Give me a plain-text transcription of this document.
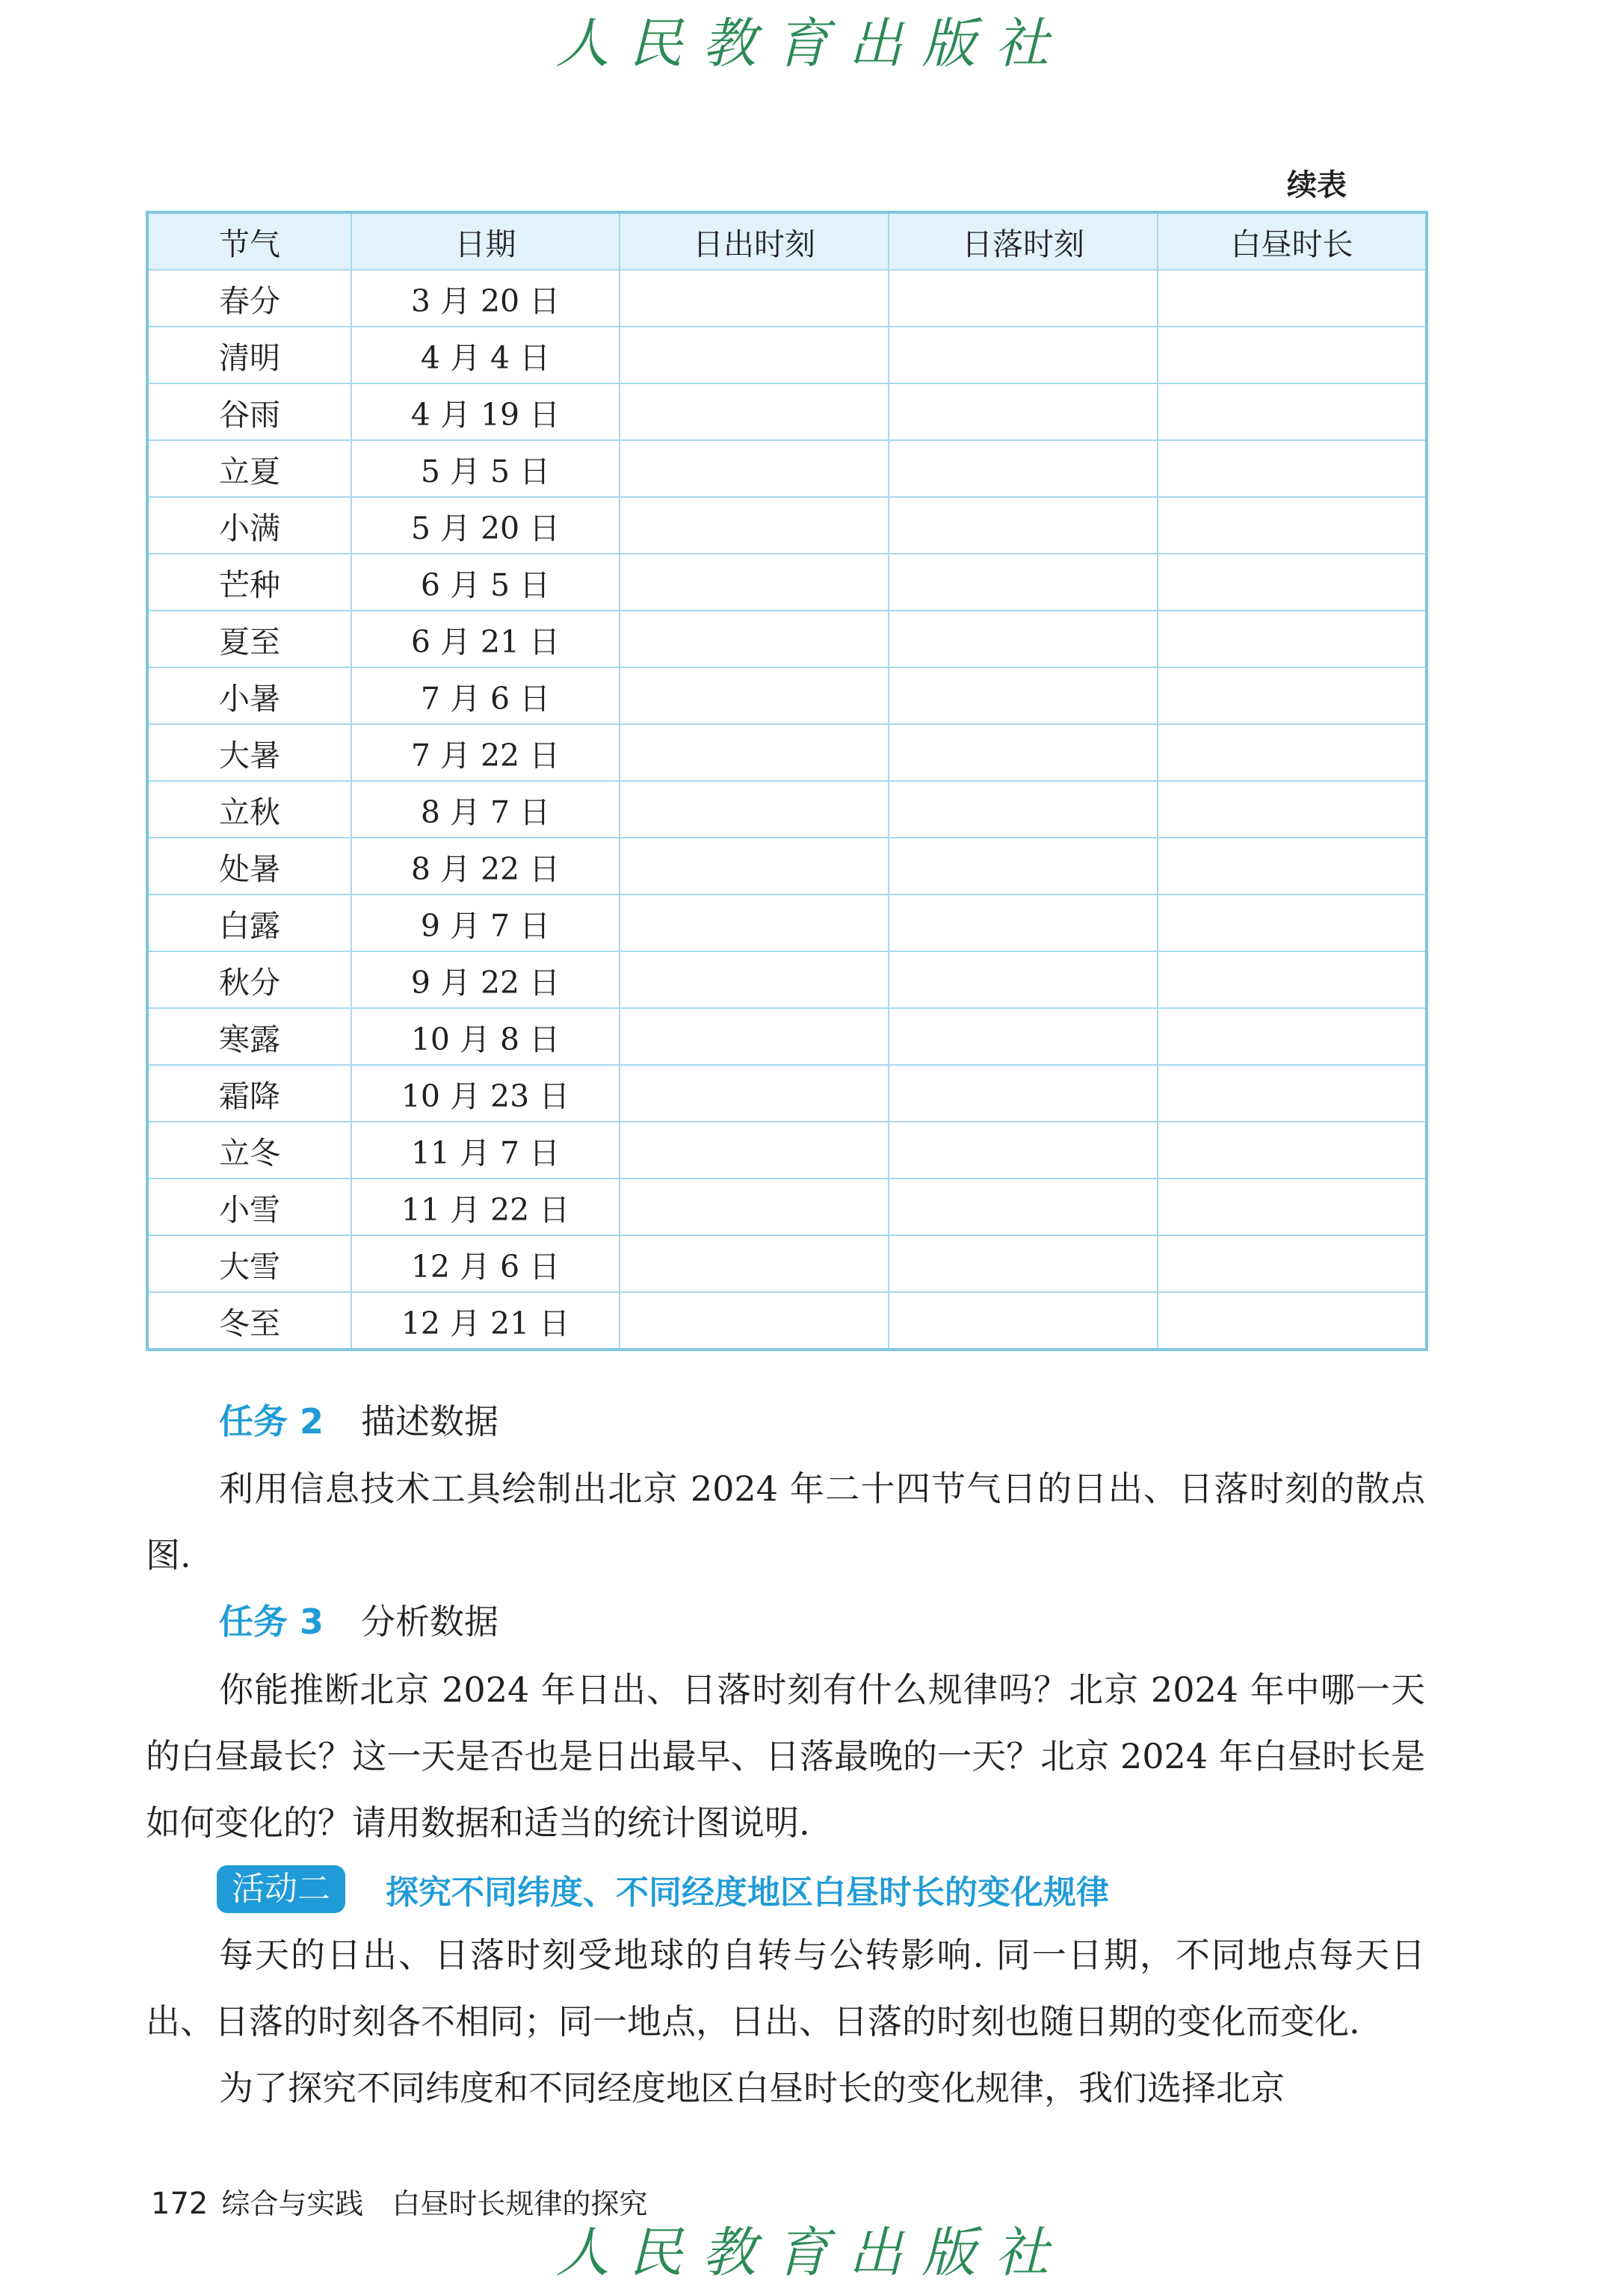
人民教育出版社
续表
节气	日期	日出时刻	日落时刻	白昼时长
春分	3 月 20 日			
清明	4 月 4 日			
谷雨	4 月 19 日			
立夏	5 月 5 日			
小满	5 月 20 日			
芒种	6 月 5 日			
夏至	6 月 21 日			
小暑	7 月 6 日			
大暑	7 月 22 日			
立秋	8 月 7 日			
处暑	8 月 22 日			
白露	9 月 7 日			
秋分	9 月 22 日			
寒露	10 月 8 日			
霜降	10 月 23 日			
立冬	11 月 7 日			
小雪	11 月 22 日			
大雪	12 月 6 日			
冬至	12 月 21 日			
任务 2 描述数据

利用信息技术工具绘制出北京 2024 年二十四节气日的日出、日落时刻的散点图.

任务 3 分析数据

你能推断北京 2024 年日出、日落时刻有什么规律吗？北京 2024 年中哪一天的白昼最长？这一天是否也是日出最早、日落最晚的一天？北京 2024 年白昼时长是如何变化的？请用数据和适当的统计图说明.

活动二	探究不同纬度、不同经度地区白昼时长的变化规律

每天的日出、日落时刻受地球的自转与公转影响. 同一日期，不同地点每天日出、日落的时刻各不相同；同一地点，日出、日落的时刻也随日期的变化而变化.

为了探究不同纬度和不同经度地区白昼时长的变化规律，我们选择北京

172 综合与实践 白昼时长规律的探究
人民教育出版社
